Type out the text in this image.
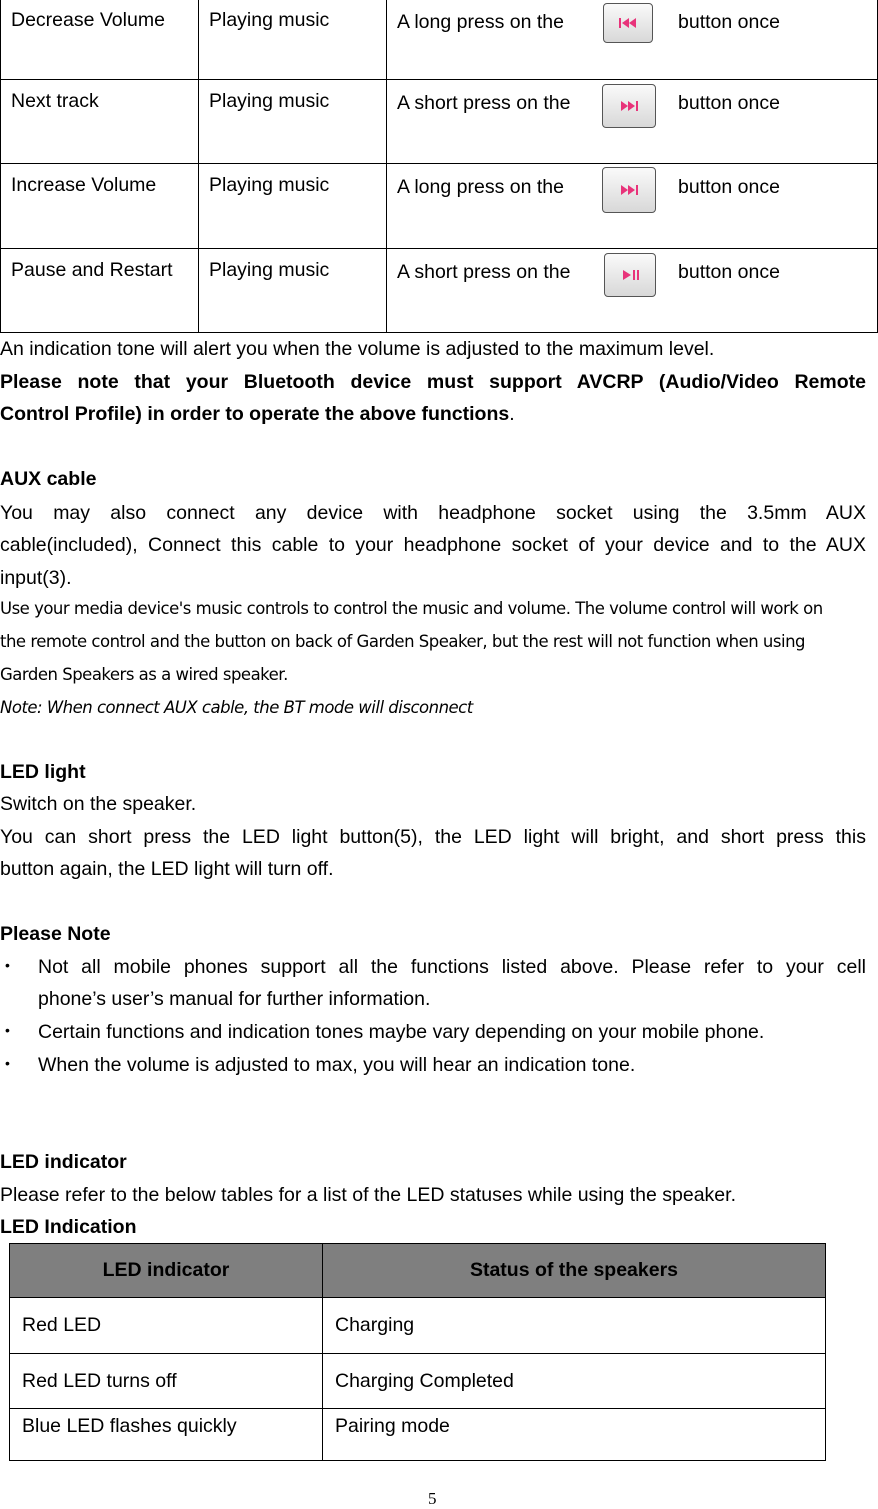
Decrease Volume	Playing music	A long press on the button once

Next track	Playing music	A short press on the button once

Increase Volume	Playing music	A long press on the button once

Pause and Restart	Playing music	A short press on the button once
An indication tone will alert you when the volume is adjusted to the maximum level.
Please note that your Bluetooth device must support AVCRP (Audio/Video Remote
Control Profile) in order to operate the above functions.
AUX cable
You may also connect any device with headphone socket using the 3.5mm AUX
cable(included), Connect this cable to your headphone socket of your device and to the AUX
input(3).
Use your media device's music controls to control the music and volume. The volume control will work on
the remote control and the button on back of Garden Speaker, but the rest will not function when using
Garden Speakers as a wired speaker.
Note: When connect AUX cable, the BT mode will disconnect
LED light
Switch on the speaker.
You can short press the LED light button(5), the LED light will bright, and short press this
button again, the LED light will turn off.
Please Note
• Not all mobile phones support all the functions listed above. Please refer to your cell
phone’s user’s manual for further information.
• Certain functions and indication tones maybe vary depending on your mobile phone.
• When the volume is adjusted to max, you will hear an indication tone.
LED indicator
Please refer to the below tables for a list of the LED statuses while using the speaker.
LED Indication
LED indicator	Status of the speakers
Red LED	Charging
Red LED turns off	Charging Completed
Blue LED flashes quickly	Pairing mode
5
